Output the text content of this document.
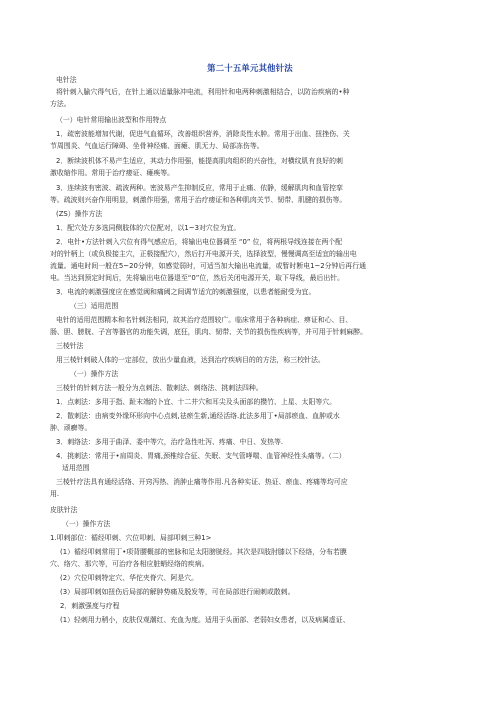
第二十五单元其他针法
电针法
将针刺入腧穴得气后，在针上通以适量脉冲电流，利用针和电两种刺激相结合，以防治疾病的•种
方法。
（一）电针常用输出波型和作用特点
1．疏密波能增加代谢，促进气血循环，改善组织营养，消除炎性水肿。常用于出血、扭挫伤、关
节周围炎、气血运行障碍、坐骨神经痛、面瘫、肌无力、局部冻伤等。
2．断续波机体不易产生适应，其动力作用强，能提高肌肉组织的兴奋性，对横纹肌有良好的刺
激收缩作用。常用于治疗痿证、瘫痪等。
3．连续波有密波、疏波两种。密波易产生抑制反应，常用于止痛、依静，缓解肌肉和血管控挛
等。疏波则兴奋作用明显，刺激作用强，常用于治疗痿证和各种肌肉关节、韧带、肌腱的损伤等。
(ZS）操作方法
1．配穴处方多选同侧肢体的穴位配对，以1~3对穴位为宜。
2．电针•方法针刺入穴位有得气感应后，将输出电位器调至 “0” 位，将两根导线连接在两个配
对的针柄上（或负极接主穴，正极接配穴），然后打开电源开关，选择波型，慢慢调高至适宜的输出电
流量。通电时间一般在5~20分钟，如感觉弱时，可适当加大输出电流量，或暂时断电1~2分钟后再行通
电。当达到预定时间后，先将输出电位器退至“0”位，然后关闭电源开关，取下导线，最后出针。
3．电流的刺激强度应在感觉阈和痛阈之间调节适宂的刺激强度，以患者能耐受为宜。
（三）适用范围
电针的适用范围精本和名针刺法相同，故其治疗范围较广。临床常用于各种病症、痹证和心、目、
肠、胆、膀胱、子宫等器官的功能失调，底狂，肌肉、韧带、关节的损伤性疾病等，并可用于针刺麻醉。
三棱针法
用三棱针刺破人体的一定部位，放出少量血液，达到治疗疾病目的的方法，称三校针法。
（一）操作方法
三棱针的针刺方法一般分为点刺法、散刺法、刺络法、挑刺法四种。
1．点刺法：多用于指、趾末端的卜宜、十二井穴和耳尖及头面部的攒竹、上星、太阳等穴。
2．散刺法：由病变外缘环形向中心点刺,祛瘀生新,通经活络.此法多用丁•局部瘀血、血肿或水
肿、顽癣等。
3．刺络法：多用于曲泽、委中等穴，治疗急性吐泻、疼痛、中日、发热等.
4．挑刺法：常用于•肩周炎、胃痛,颈椎综合征、失眠、支气管哮喘、血管神经性头痛等。（二）
适用范围
三棱针疗法具有通经活络、开窍泻热、消肿止痛等作用.凡各种实证、热证、瘀血、疼痛等均可应
用.
皮肤针法
（一）操作方法
1.叩刺部位：循经叩刺、穴位叩刺、局部叩刺三种1>
(1）循经叩刺常用丁•项背腰概部的密脉和足太阳膀胱经。其次是四肢肘膝以下经络，分布若膜
穴、络穴、那穴等，可治疗各相应脏蛸经络的疾病。
(2）穴位叩刺特定穴、华佗夹脊穴、阿是穴。
(3）局部叩刺如扭伤后局部的解肿势痛及脱发等，可在局部进行闹刺或散刺。
2．刺激强度与疗程
(1）轻刺用力稍小，皮肤仅观潮红、充血为度。适用于头面部、老弱妇女患者，以及病属虚证、
